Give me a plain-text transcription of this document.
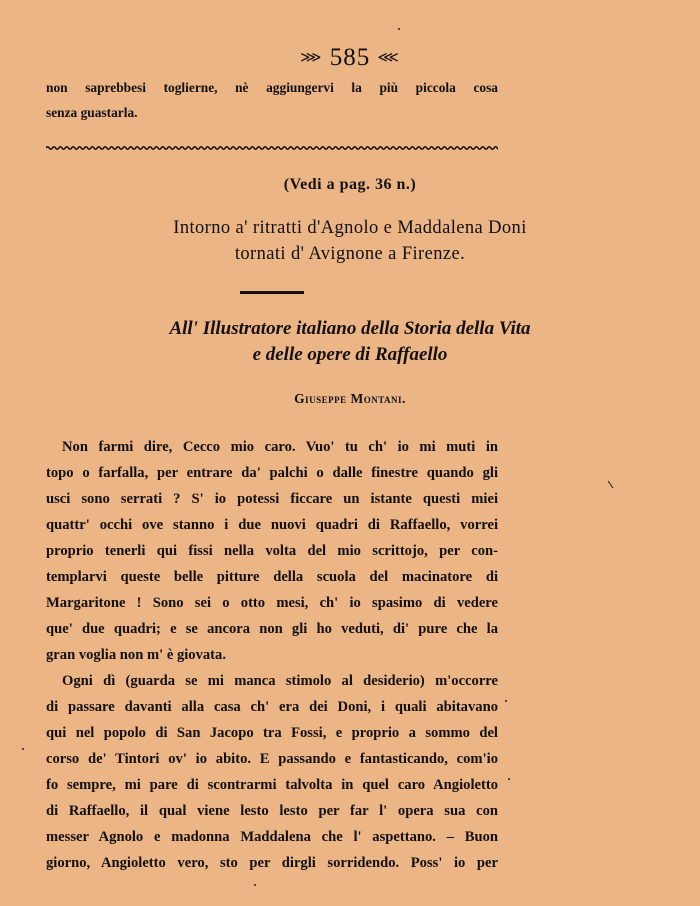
⋙ 585 ⋘
non saprebbesi toglierne, nè aggiungervi la più piccola cosa
senza guastarla.
(Vedi a pag. 36 n.)
Intorno a' ritratti d'Agnolo e Maddalena Doni
tornati d' Avignone a Firenze.
All' Illustratore italiano della Storia della Vita
e delle opere di Raffaello
Giuseppe Montani.
Non farmi dire, Cecco mio caro. Vuo' tu ch' io mi muti in
topo o farfalla, per entrare da' palchi o dalle finestre quando gli
usci sono serrati ? S' io potessi ficcare un istante questi miei
quattr' occhi ove stanno i due nuovi quadri di Raffaello, vorrei
proprio tenerli qui fissi nella volta del mio scrittojo, per con-
templarvi queste belle pitture della scuola del macinatore di
Margaritone ! Sono sei o otto mesi, ch' io spasimo di vedere
que' due quadri; e se ancora non gli ho veduti, di' pure che la
gran voglia non m' è giovata.
Ogni dì (guarda se mi manca stimolo al desiderio) m'occorre
di passare davanti alla casa ch' era dei Doni, i quali abitavano
qui nel popolo di San Jacopo tra Fossi, e proprio a sommo del
corso de' Tintori ov' io abito. E passando e fantasticando, com'io
fo sempre, mi pare di scontrarmi talvolta in quel caro Angioletto
di Raffaello, il qual viene lesto lesto per far l' opera sua con
messer Agnolo e madonna Maddalena che l' aspettano. – Buon
giorno, Angioletto vero, sto per dirgli sorridendo. Poss' io per
